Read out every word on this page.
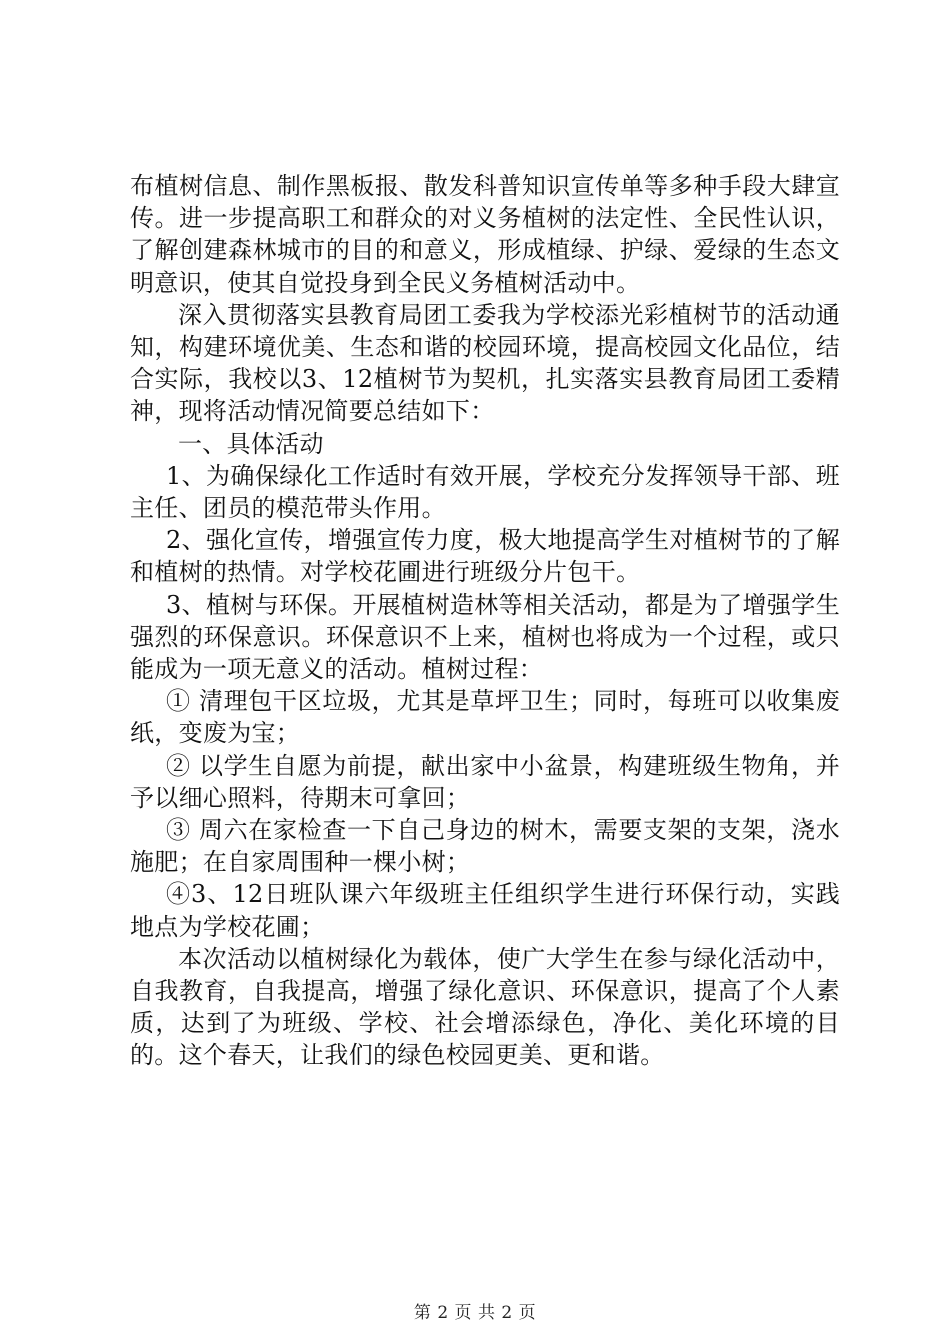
布植树信息、制作黑板报、散发科普知识宣传单等多种手段大肆宣传。进一步提高职工和群众的对义务植树的法定性、全民性认识，了解创建森林城市的目的和意义，形成植绿、护绿、爱绿的生态文明意识，使其自觉投身到全民义务植树活动中。

深入贯彻落实县教育局团工委我为学校添光彩植树节的活动通知，构建环境优美、生态和谐的校园环境，提高校园文化品位，结合实际，我校以3、12植树节为契机，扎实落实县教育局团工委精神，现将活动情况简要总结如下：

一、具体活动

1、为确保绿化工作适时有效开展，学校充分发挥领导干部、班主任、团员的模范带头作用。

2、强化宣传，增强宣传力度，极大地提高学生对植树节的了解和植树的热情。对学校花圃进行班级分片包干。

3、植树与环保。开展植树造林等相关活动，都是为了增强学生强烈的环保意识。环保意识不上来，植树也将成为一个过程，或只能成为一项无意义的活动。植树过程：

① 清理包干区垃圾，尤其是草坪卫生；同时，每班可以收集废纸，变废为宝；

② 以学生自愿为前提，献出家中小盆景，构建班级生物角，并予以细心照料，待期末可拿回；

③ 周六在家检查一下自己身边的树木，需要支架的支架，浇水施肥；在自家周围种一棵小树；

④3、12日班队课六年级班主任组织学生进行环保行动，实践地点为学校花圃；

本次活动以植树绿化为载体，使广大学生在参与绿化活动中，自我教育，自我提高，增强了绿化意识、环保意识，提高了个人素质，达到了为班级、学校、社会增添绿色，净化、美化环境的目的。这个春天，让我们的绿色校园更美、更和谐。

第 2 页 共 2 页
